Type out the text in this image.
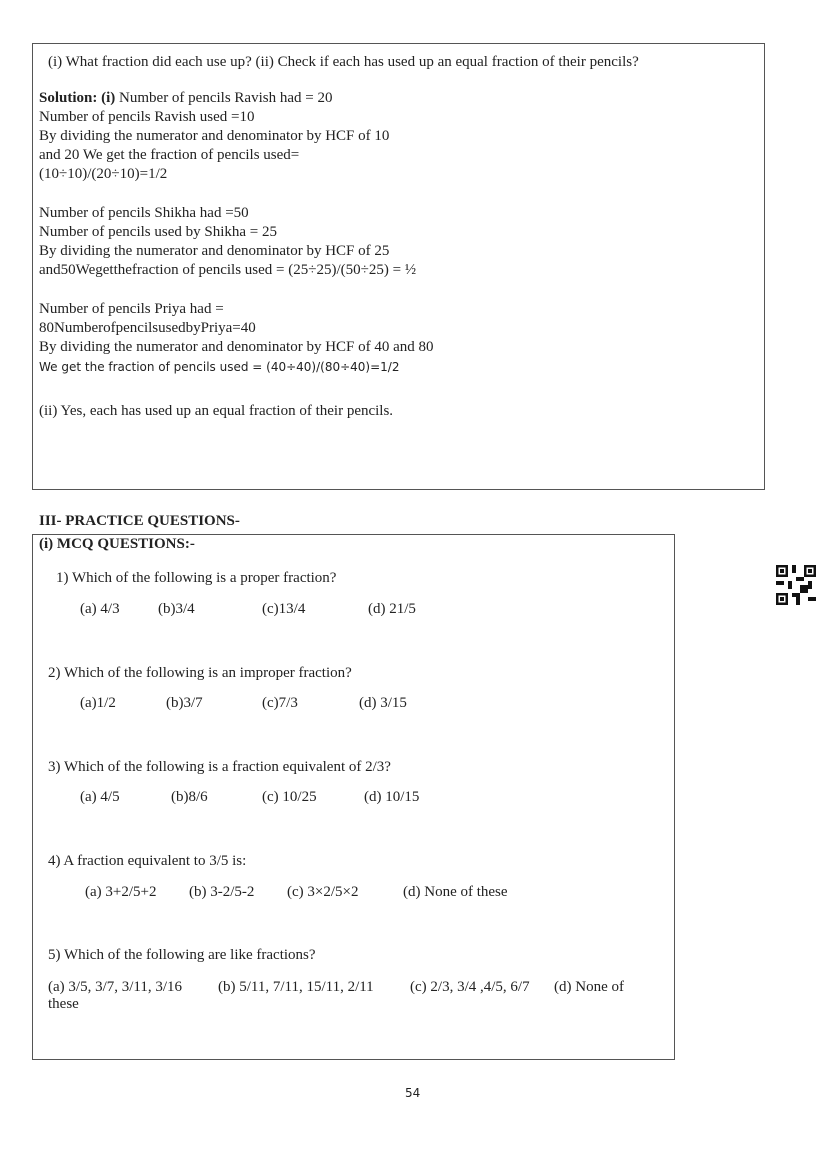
(i) What fraction did each use up? (ii) Check if each has used up an equal fraction of their pencils?
Solution: (i) Number of pencils Ravish had = 20
Number of pencils Ravish used =10
By dividing the numerator and denominator by HCF of 10
and 20 We get the fraction of pencils used=
(10÷10)/(20÷10)=1/2
Number of pencils Shikha had =50
Number of pencils used by Shikha = 25
By dividing the numerator and denominator by HCF of 25
and50Wegetthefraction of pencils used = (25÷25)/(50÷25) = ½
Number of pencils Priya had =
80NumberofpencilsusedbyPriya=40
By dividing the numerator and denominator by HCF of 40 and 80
We get the fraction of pencils used = (40÷40)/(80÷40)=1/2
(ii) Yes, each has used up an equal fraction of their pencils.
III- PRACTICE QUESTIONS-
(i) MCQ QUESTIONS:-
1) Which of the following is a proper fraction?
(a) 4/3	(b)3/4	(c)13/4	(d) 21/5
2) Which of the following is an improper fraction?
(a)1/2	(b)3/7	(c)7/3	(d) 3/15
3) Which of the following is a fraction equivalent of 2/3?
(a) 4/5	(b)8/6	(c) 10/25	(d) 10/15
4) A fraction equivalent to 3/5 is:
(a) 3+2/5+2 (b) 3-2/5-2 (c) 3×2/5×2	(d) None of these
5) Which of the following are like fractions?
(a) 3/5, 3/7, 3/11, 3/16 (b) 5/11, 7/11, 15/11, 2/11 (c) 2/3, 3/4 ,4/5, 6/7 (d) None of
these
54
